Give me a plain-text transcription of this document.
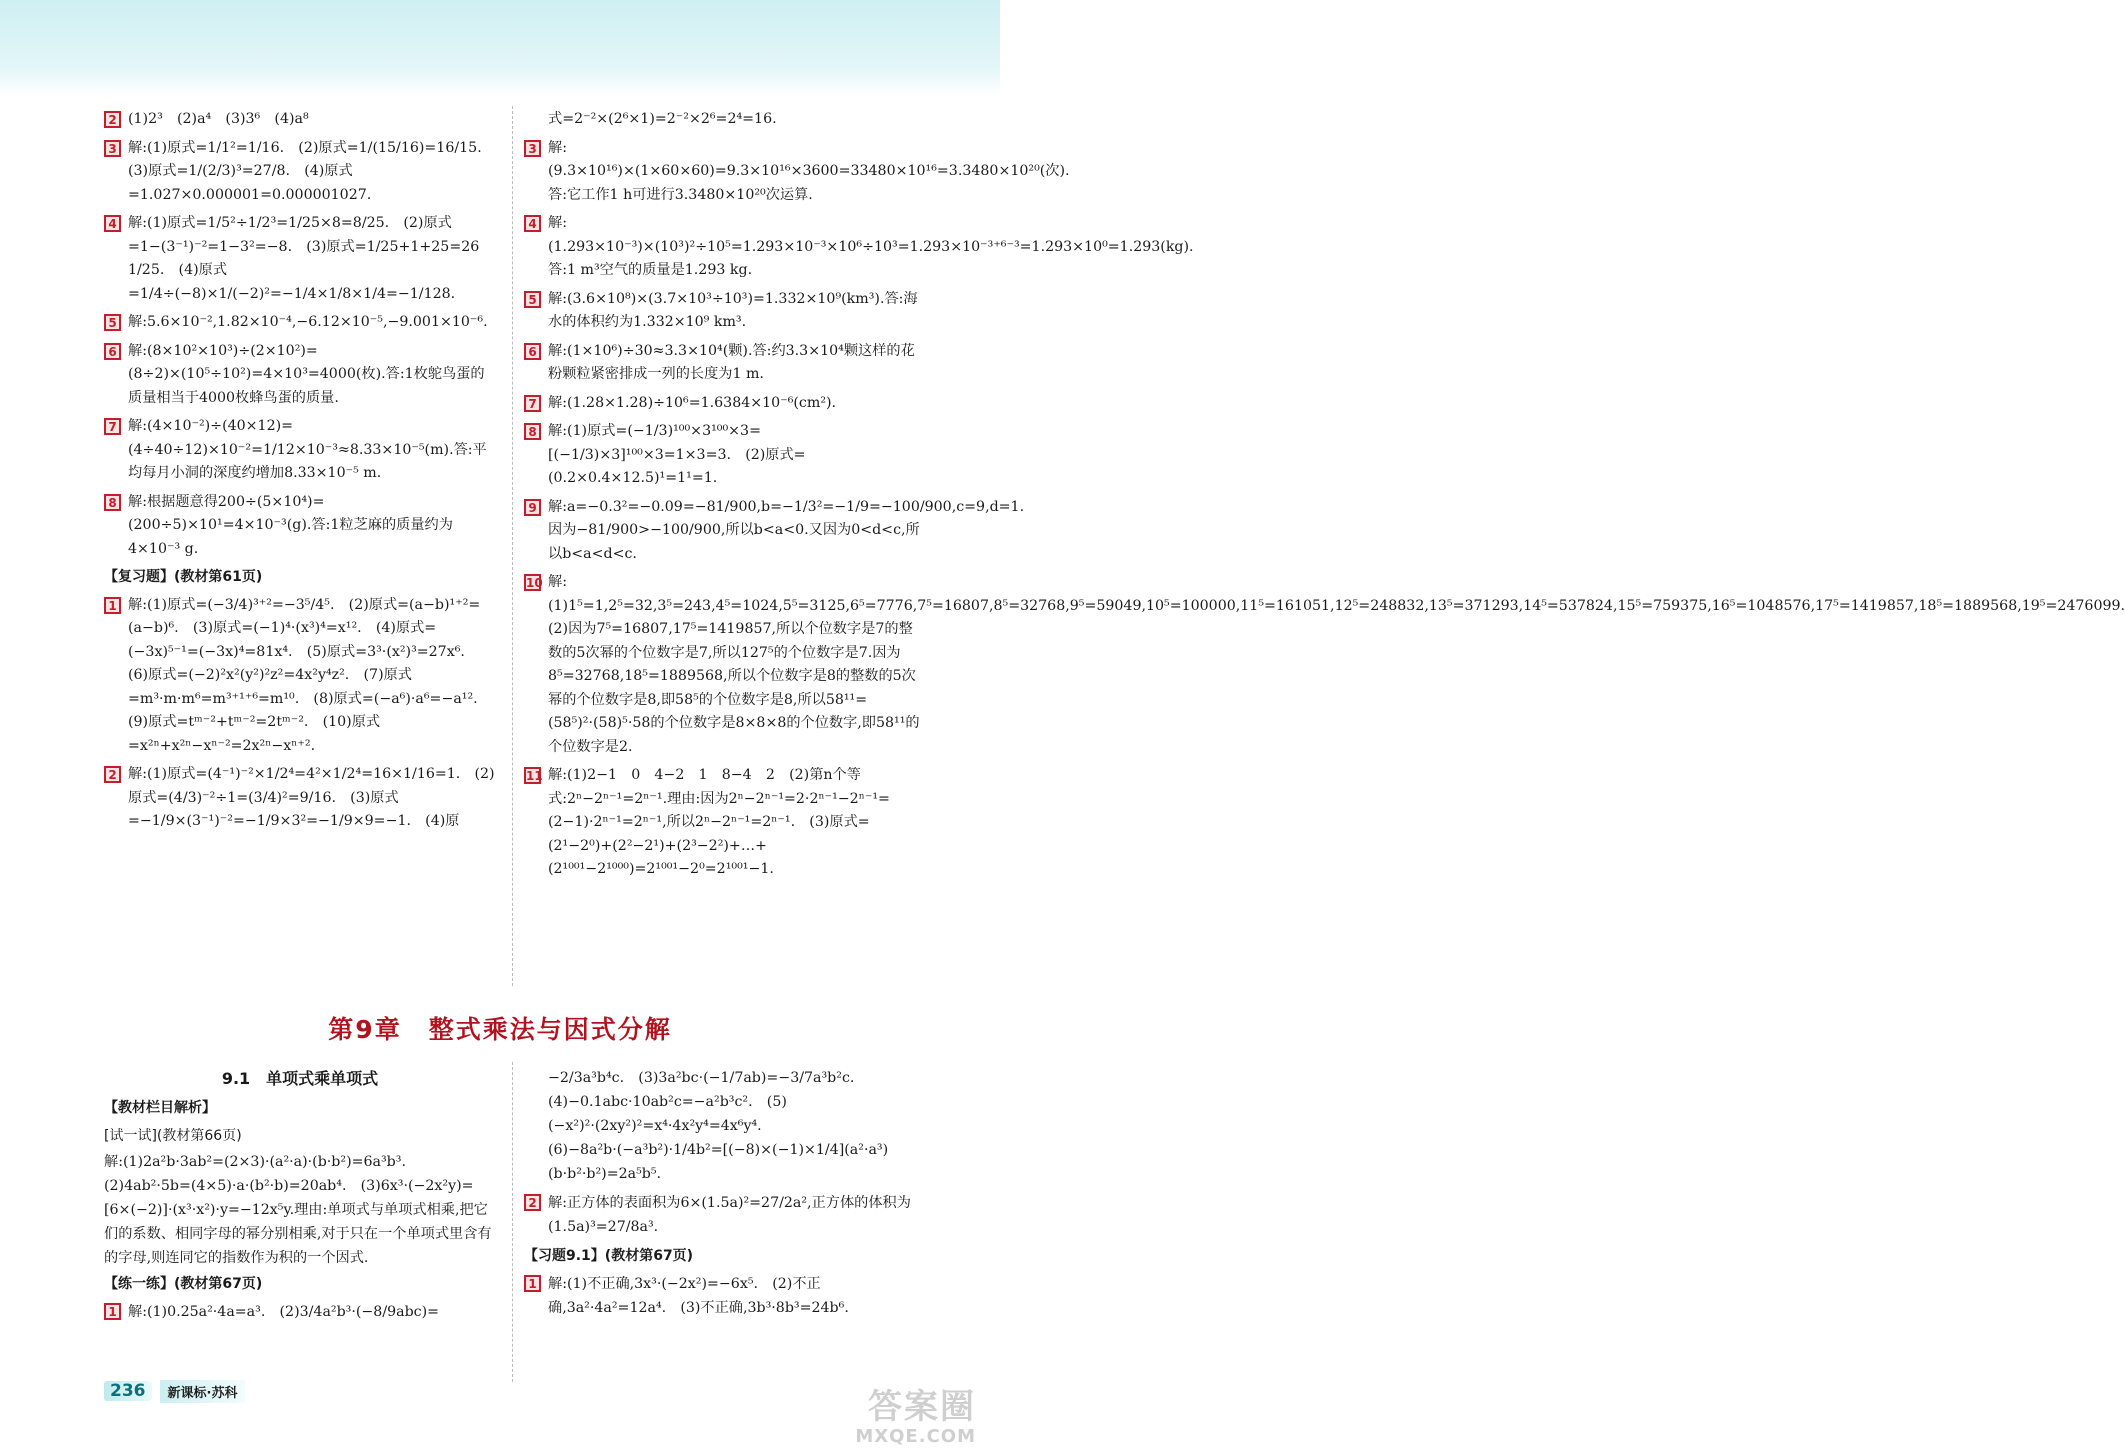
2 (1)2³　(2)a⁴　(3)3⁶　(4)a⁸

3 解:(1)原式=1/1²=1/16.　(2)原式=1/(15/16)=16/15.　(3)原式=1/(2/3)³=27/8.　(4)原式=1.027×0.000001=0.000001027.

4 解:(1)原式=1/5²÷1/2³=1/25×8=8/25.　(2)原式=1−(3⁻¹)⁻²=1−3²=−8.　(3)原式=1/25+1+25=26 1/25.　(4)原式=1/4÷(−8)×1/(−2)²=−1/4×1/8×1/4=−1/128.

5 解:5.6×10⁻²,1.82×10⁻⁴,−6.12×10⁻⁵,−9.001×10⁻⁶.

6 解:(8×10²×10³)÷(2×10²)=(8÷2)×(10⁵÷10²)=4×10³=4000(枚).答:1枚鸵鸟蛋的质量相当于4000枚蜂鸟蛋的质量.

7 解:(4×10⁻²)÷(40×12)=(4÷40÷12)×10⁻²=1/12×10⁻³≈8.33×10⁻⁵(m).答:平均每月小洞的深度约增加8.33×10⁻⁵ m.

8 解:根据题意得200÷(5×10⁴)=(200÷5)×10¹=4×10⁻³(g).答:1粒芝麻的质量约为4×10⁻³ g.

【复习题】(教材第61页)
1 解:(1)原式=(−3/4)³⁺²=−3⁵/4⁵.　(2)原式=(a−b)¹⁺²=(a−b)⁶.　(3)原式=(−1)⁴·(x³)⁴=x¹².　(4)原式=(−3x)⁵⁻¹=(−3x)⁴=81x⁴.　(5)原式=3³·(x²)³=27x⁶.　(6)原式=(−2)²x²(y²)²z²=4x²y⁴z².　(7)原式=m³·m·m⁶=m³⁺¹⁺⁶=m¹⁰.　(8)原式=(−a⁶)·a⁶=−a¹².　(9)原式=tᵐ⁻²+tᵐ⁻²=2tᵐ⁻².　(10)原式=x²ⁿ+x²ⁿ−xⁿ⁻²=2x²ⁿ−xⁿ⁺².

2 解:(1)原式=(4⁻¹)⁻²×1/2⁴=4²×1/2⁴=16×1/16=1.　(2)原式=(4/3)⁻²÷1=(3/4)²=9/16.　(3)原式=−1/9×(3⁻¹)⁻²=−1/9×3²=−1/9×9=−1.　(4)原

式=2⁻²×(2⁶×1)=2⁻²×2⁶=2⁴=16.

3 解:(9.3×10¹⁶)×(1×60×60)=9.3×10¹⁶×3600=33480×10¹⁶=3.3480×10²⁰(次).答:它工作1 h可进行3.3480×10²⁰次运算.

4 解:(1.293×10⁻³)×(10³)²÷10⁵=1.293×10⁻³×10⁶÷10³=1.293×10⁻³⁺⁶⁻³=1.293×10⁰=1.293(kg).答:1 m³空气的质量是1.293 kg.

5 解:(3.6×10⁸)×(3.7×10³÷10³)=1.332×10⁹(km³).答:海水的体积约为1.332×10⁹ km³.

6 解:(1×10⁶)÷30≈3.3×10⁴(颗).答:约3.3×10⁴颗这样的花粉颗粒紧密排成一列的长度为1 m.

7 解:(1.28×1.28)÷10⁶=1.6384×10⁻⁶(cm²).

8 解:(1)原式=(−1/3)¹⁰⁰×3¹⁰⁰×3=[(−1/3)×3]¹⁰⁰×3=1×3=3.　(2)原式=(0.2×0.4×12.5)¹=1¹=1.

9 解:a=−0.3²=−0.09=−81/900,b=−1/3²=−1/9=−100/900,c=9,d=1.因为−81/900>−100/900,所以b<a<0.又因为0<d<c,所以b<a<d<c.

10 解:(1)1⁵=1,2⁵=32,3⁵=243,4⁵=1024,5⁵=3125,6⁵=7776,7⁵=16807,8⁵=32768,9⁵=59049,10⁵=100000,11⁵=161051,12⁵=248832,13⁵=371293,14⁵=537824,15⁵=759375,16⁵=1048576,17⁵=1419857,18⁵=1889568,19⁵=2476099.　(2)因为7⁵=16807,17⁵=1419857,所以个位数字是7的整数的5次幂的个位数字是7,所以127⁵的个位数字是7.因为8⁵=32768,18⁵=1889568,所以个位数字是8的整数的5次幂的个位数字是8,即58⁵的个位数字是8,所以58¹¹=(58⁵)²·(58)⁵·58的个位数字是8×8×8的个位数字,即58¹¹的个位数字是2.

11 解:(1)2−1　0　4−2　1　8−4　2　(2)第n个等式:2ⁿ−2ⁿ⁻¹=2ⁿ⁻¹.理由:因为2ⁿ−2ⁿ⁻¹=2·2ⁿ⁻¹−2ⁿ⁻¹=(2−1)·2ⁿ⁻¹=2ⁿ⁻¹,所以2ⁿ−2ⁿ⁻¹=2ⁿ⁻¹.　(3)原式=(2¹−2⁰)+(2²−2¹)+(2³−2²)+…+(2¹⁰⁰¹−2¹⁰⁰⁰)=2¹⁰⁰¹−2⁰=2¹⁰⁰¹−1.

第9章　整式乘法与因式分解
9.1　单项式乘单项式
【教材栏目解析】
[试一试](教材第66页)

解:(1)2a²b·3ab²=(2×3)·(a²·a)·(b·b²)=6a³b³.　(2)4ab²·5b=(4×5)·a·(b²·b)=20ab⁴.　(3)6x³·(−2x²y)=[6×(−2)]·(x³·x²)·y=−12x⁵y.理由:单项式与单项式相乘,把它们的系数、相同字母的幂分别相乘,对于只在一个单项式里含有的字母,则连同它的指数作为积的一个因式.

【练一练】(教材第67页)
1 解:(1)0.25a²·4a=a³.　(2)3/4a²b³·(−8/9abc)=

−2/3a³b⁴c.　(3)3a²bc·(−1/7ab)=−3/7a³b²c.　(4)−0.1abc·10ab²c=−a²b³c².　(5)(−x²)²·(2xy²)²=x⁴·4x²y⁴=4x⁶y⁴.　(6)−8a²b·(−a³b²)·1/4b²=[(−8)×(−1)×1/4](a²·a³)(b·b²·b²)=2a⁵b⁵.

2 解:正方体的表面积为6×(1.5a)²=27/2a²,正方体的体积为(1.5a)³=27/8a³.

【习题9.1】(教材第67页)
1 解:(1)不正确,3x³·(−2x²)=−6x⁵.　(2)不正确,3a²·4a²=12a⁴.　(3)不正确,3b³·8b³=24b⁶.

236	新课标·苏科	答案圈
MXQE.COM
